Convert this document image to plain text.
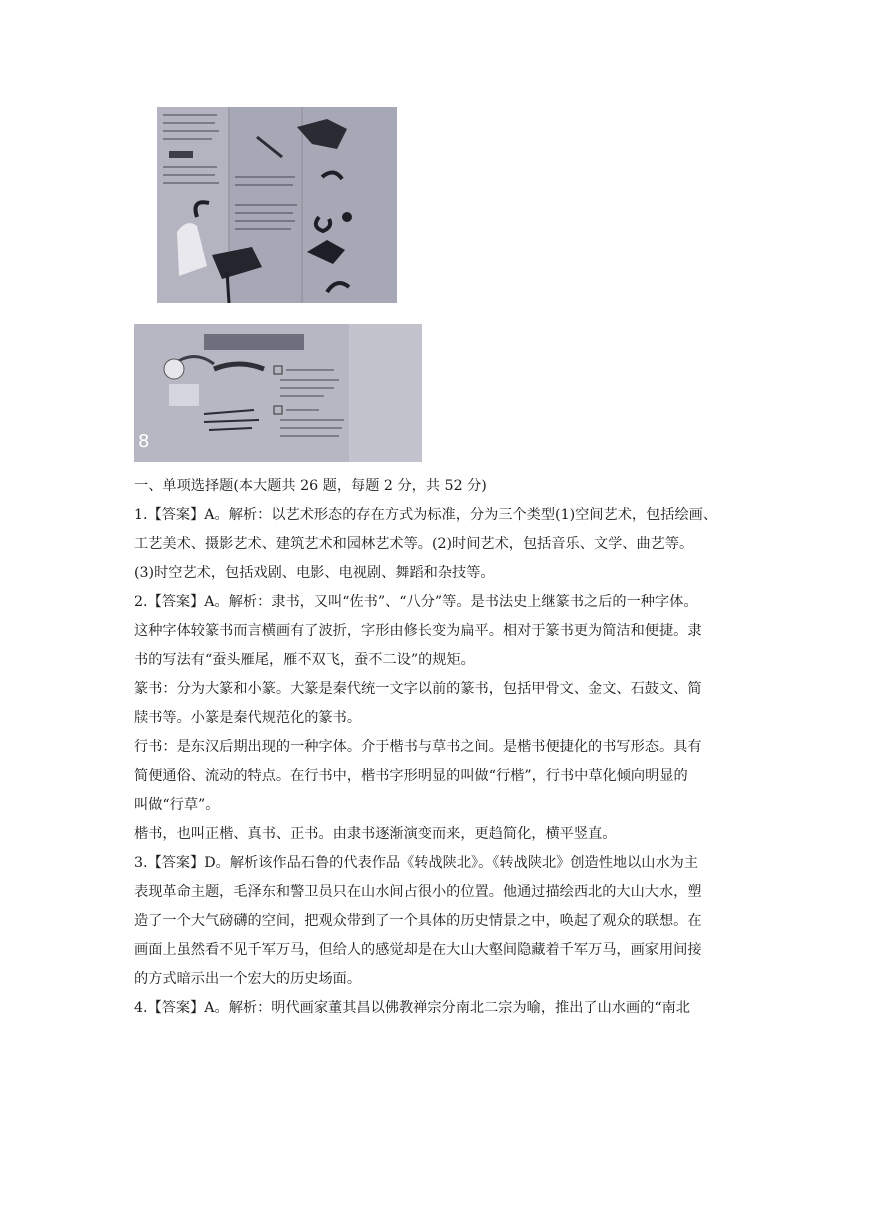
8

一、单项选择题(本大题共 26 题，每题 2 分，共 52 分)

1.【答案】A。解析：以艺术形态的存在方式为标准，分为三个类型(1)空间艺术，包括绘画、

工艺美术、摄影艺术、建筑艺术和园林艺术等。(2)时间艺术，包括音乐、文学、曲艺等。

(3)时空艺术，包括戏剧、电影、电视剧、舞蹈和杂技等。

2.【答案】A。解析：隶书，又叫“佐书”、“八分”等。是书法史上继篆书之后的一种字体。

这种字体较篆书而言横画有了波折，字形由修长变为扁平。相对于篆书更为简洁和便捷。隶

书的写法有“蚕头雁尾，雁不双飞，蚕不二设”的规矩。

篆书：分为大篆和小篆。大篆是秦代统一文字以前的篆书，包括甲骨文、金文、石鼓文、简

牍书等。小篆是秦代规范化的篆书。

行书：是东汉后期出现的一种字体。介于楷书与草书之间。是楷书便捷化的书写形态。具有

简便通俗、流动的特点。在行书中，楷书字形明显的叫做“行楷”，行书中草化倾向明显的

叫做“行草”。

楷书，也叫正楷、真书、正书。由隶书逐渐演变而来，更趋简化，横平竖直。

3.【答案】D。解析该作品石鲁的代表作品《转战陕北》。《转战陕北》创造性地以山水为主

表现革命主题，毛泽东和警卫员只在山水间占很小的位置。他通过描绘西北的大山大水，塑

造了一个大气磅礴的空间，把观众带到了一个具体的历史情景之中，唤起了观众的联想。在

画面上虽然看不见千军万马，但给人的感觉却是在大山大壑间隐藏着千军万马，画家用间接

的方式暗示出一个宏大的历史场面。

4.【答案】A。解析：明代画家董其昌以佛教禅宗分南北二宗为喻，推出了山水画的“南北
